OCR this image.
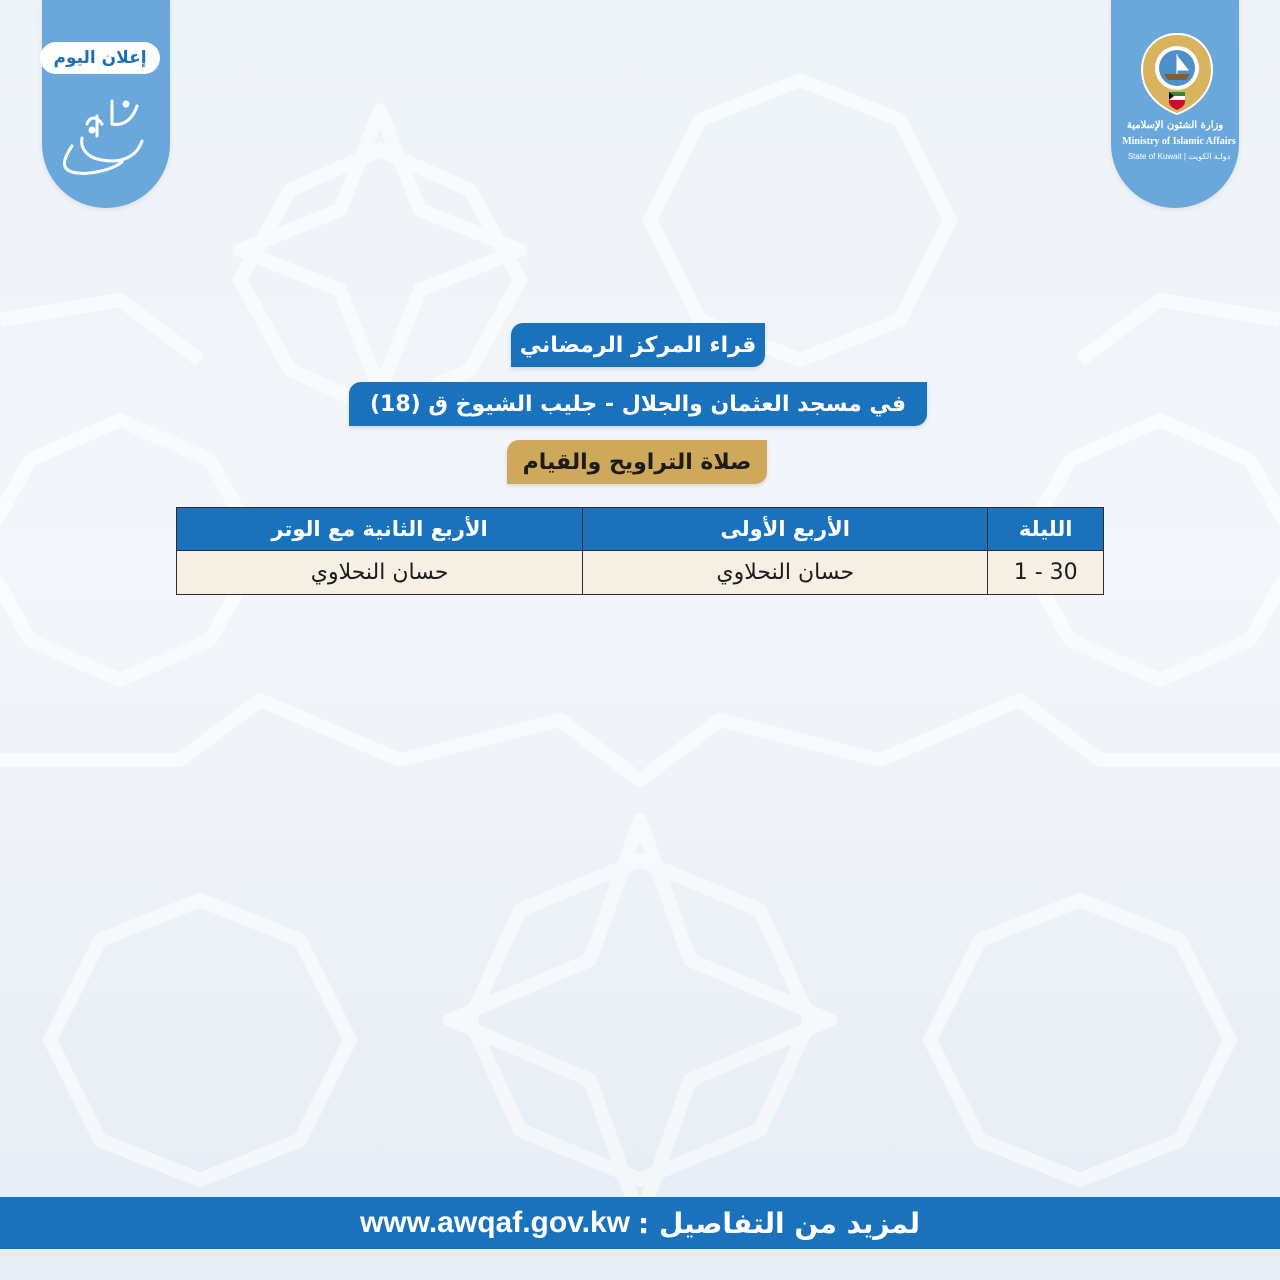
إعلان اليوم
وزارة الشئون الإسلامية
Ministry of Islamic Affairs
State of Kuwait | دولـة الكويت
قراء المركز الرمضاني
في مسجد العثمان والجلال - جليب الشيوخ ق (18)
صلاة التراويح والقيام
الليلة	الأربع الأولى	الأربع الثانية مع الوتر
1 - 30	حسان النحلاوي	حسان النحلاوي
لمزيد من التفاصيل :
www.awqaf.gov.kw
